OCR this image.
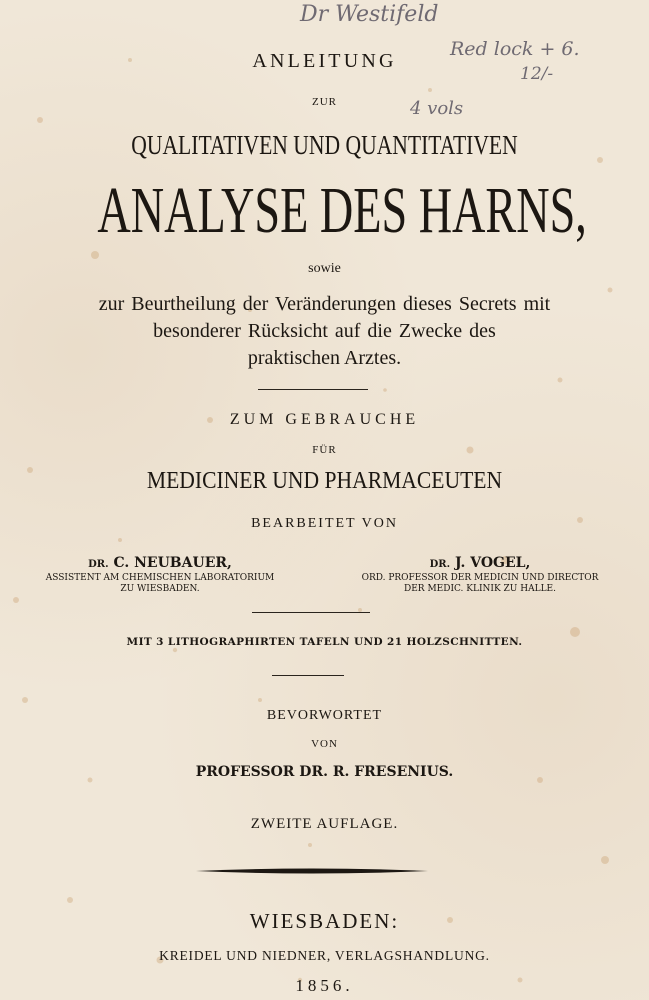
Dr Westifeld
Red lock + 6.
12/-
4 vols
ANLEITUNG
ZUR
QUALITATIVEN UND QUANTITATIVEN
ANALYSE DES HARNS,
sowie
zur Beurtheilung der Veränderungen dieses Secrets mit
besonderer Rücksicht auf die Zwecke des
praktischen Arztes.
ZUM GEBRAUCHE
FÜR
MEDICINER UND PHARMACEUTEN
BEARBEITET VON
DR. C. NEUBAUER,
ASSISTENT AM CHEMISCHEN LABORATORIUM
ZU WIESBADEN.
DR. J. VOGEL,
ORD. PROFESSOR DER MEDICIN UND DIRECTOR
DER MEDIC. KLINIK ZU HALLE.
MIT 3 LITHOGRAPHIRTEN TAFELN UND 21 HOLZSCHNITTEN.
BEVORWORTET
VON
PROFESSOR DR. R. FRESENIUS.
ZWEITE AUFLAGE.
WIESBADEN:
KREIDEL UND NIEDNER, VERLAGSHANDLUNG.
1856.
